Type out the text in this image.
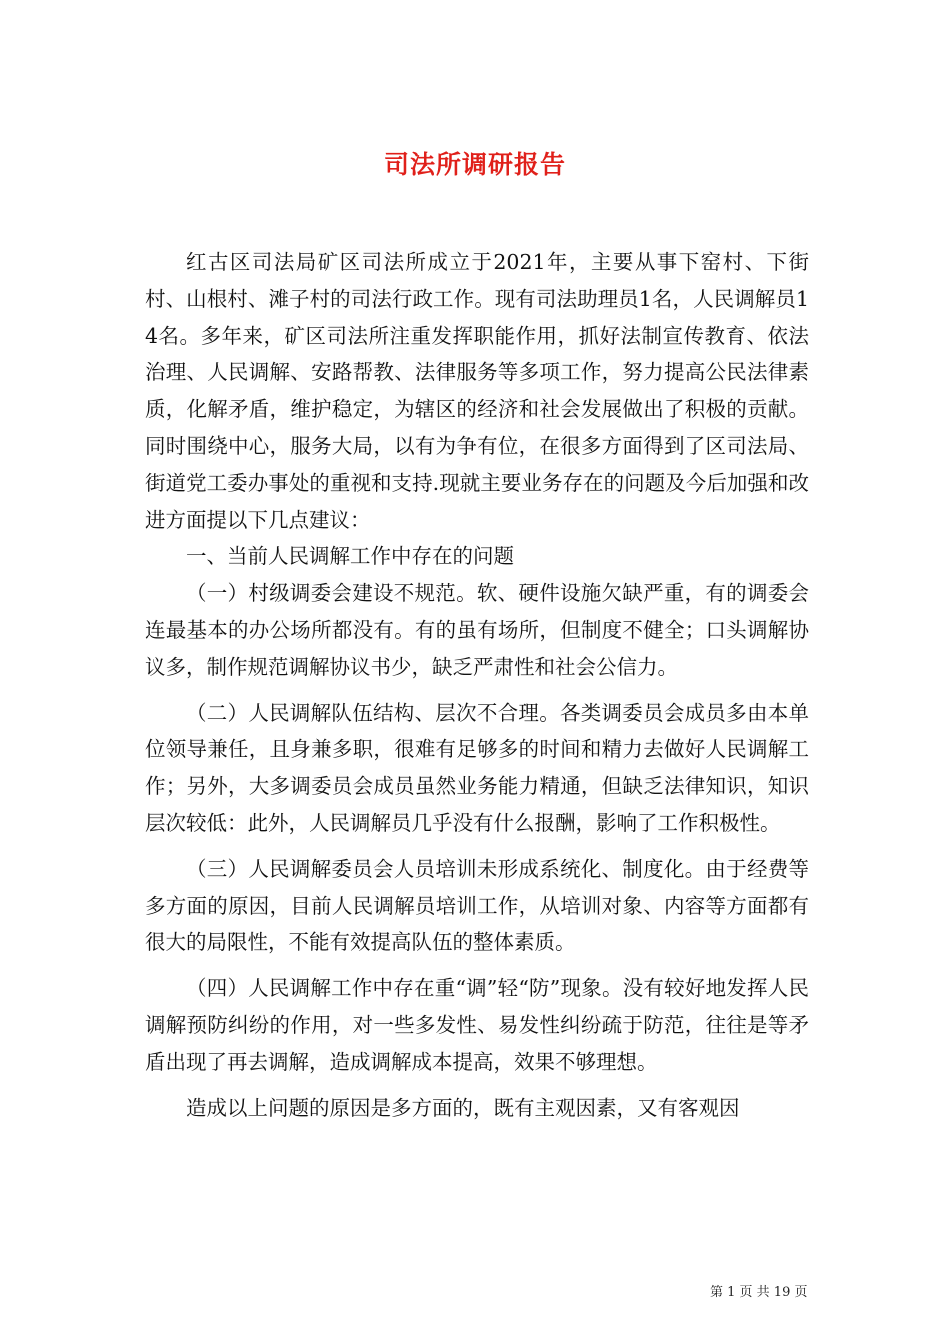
司法所调研报告

红古区司法局矿区司法所成立于2021年，主要从事下窑村、下街村、山根村、滩子村的司法行政工作。现有司法助理员1名，人民调解员14名。多年来，矿区司法所注重发挥职能作用，抓好法制宣传教育、依法治理、人民调解、安路帮教、法律服务等多项工作，努力提高公民法律素质，化解矛盾，维护稳定，为辖区的经济和社会发展做出了积极的贡献。同时围绕中心，服务大局，以有为争有位，在很多方面得到了区司法局、街道党工委办事处的重视和支持.现就主要业务存在的问题及今后加强和改进方面提以下几点建议：

一、当前人民调解工作中存在的问题

（一）村级调委会建设不规范。软、硬件设施欠缺严重，有的调委会连最基本的办公场所都没有。有的虽有场所，但制度不健全；口头调解协议多，制作规范调解协议书少，缺乏严肃性和社会公信力。

（二）人民调解队伍结构、层次不合理。各类调委员会成员多由本单位领导兼任，且身兼多职，很难有足够多的时间和精力去做好人民调解工作；另外，大多调委员会成员虽然业务能力精通，但缺乏法律知识，知识层次较低：此外，人民调解员几乎没有什么报酬，影响了工作积极性。

（三）人民调解委员会人员培训未形成系统化、制度化。由于经费等多方面的原因，目前人民调解员培训工作，从培训对象、内容等方面都有很大的局限性，不能有效提高队伍的整体素质。

（四）人民调解工作中存在重“调”轻“防”现象。没有较好地发挥人民调解预防纠纷的作用，对一些多发性、易发性纠纷疏于防范，往往是等矛盾出现了再去调解，造成调解成本提高，效果不够理想。

造成以上问题的原因是多方面的，既有主观因素，又有客观因

第 1 页 共 19 页
